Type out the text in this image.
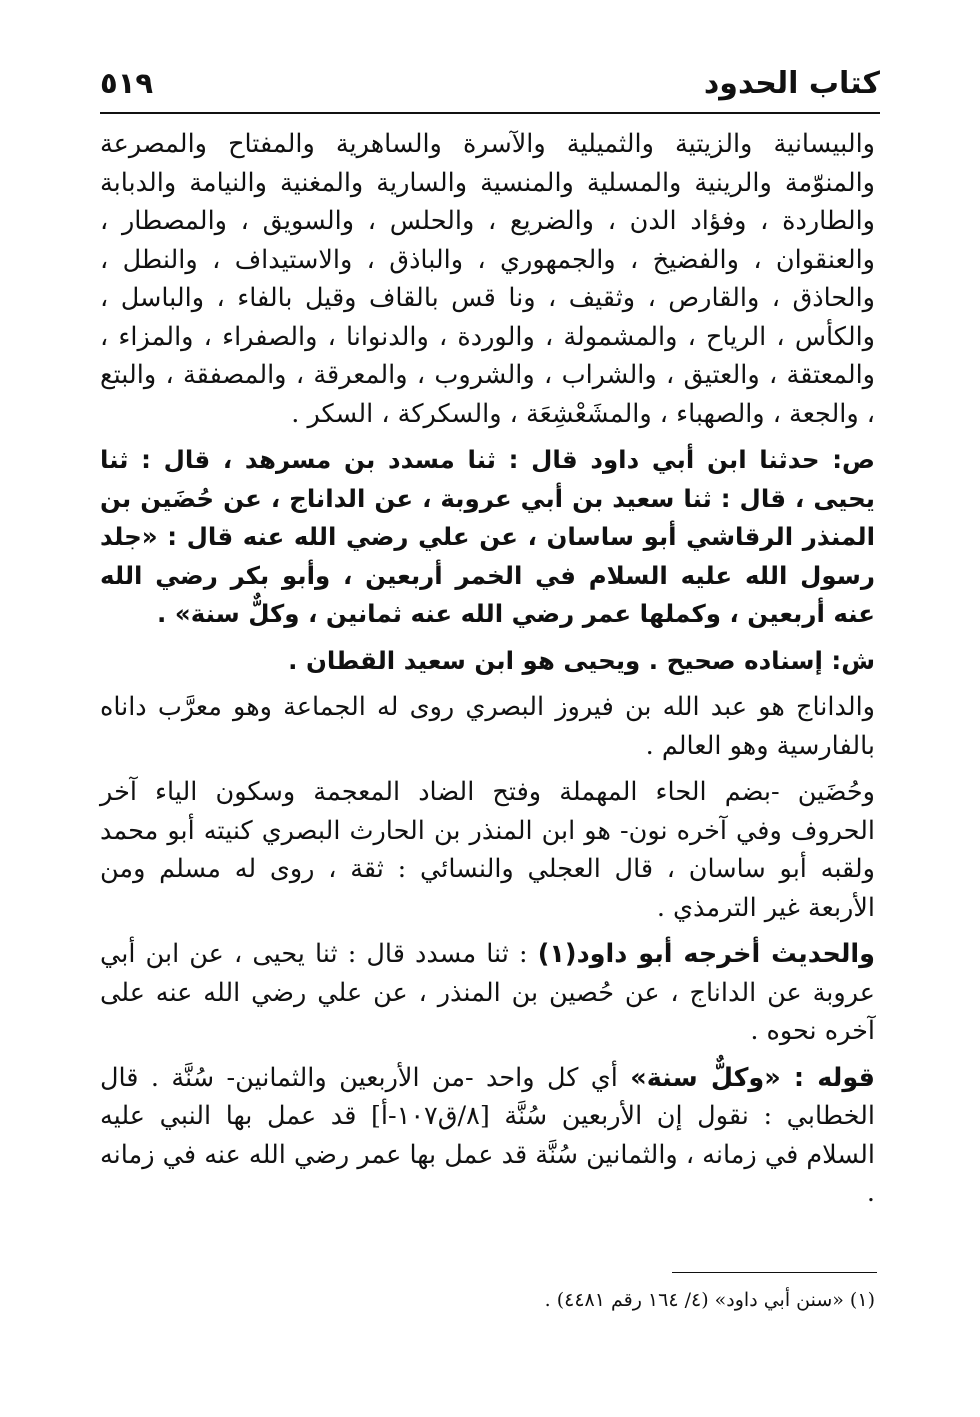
كتاب الحدود
٥١٩

والبيسانية والزيتية والثميلية والآسرة والساهرية والمفتاح والمصرعة والمنوّمة والرينية والمسلية والمنسية والسارية والمغنية والنيامة والدبابة والطاردة ، وفؤاد الدن ، والضريع ، والحلس ، والسويق ، والمصطار ، والعنقوان ، والفضيخ ، والجمهوري ، والباذق ، والاستيداف ، والنطل ، والحاذق ، والقارص ، وثقيف ، ونا قس بالقاف وقيل بالفاء ، والباسل ، والكأس ، الرياح ، والمشمولة ، والوردة ، والدنوانا ، والصفراء ، والمزاء ، والمعتقة ، والعتيق ، والشراب ، والشروب ، والمعرقة ، والمصفقة ، والبتع ، والجعة ، والصهباء ، والمشَعْشِعَة ، والسكركة ، السكر .

ص: حدثنا ابن أبي داود قال : ثنا مسدد بن مسرهد ، قال : ثنا يحيى ، قال : ثنا سعيد بن أبي عروبة ، عن الداناج ، عن حُضَين بن المنذر الرقاشي أبو ساسان ، عن علي رضي الله عنه قال : «جلد رسول الله عليه السلام في الخمر أربعين ، وأبو بكر رضي الله عنه أربعين ، وكملها عمر رضي الله عنه ثمانين ، وكلٌّ سنة» .

ش: إسناده صحيح . ويحيى هو ابن سعيد القطان .

والداناج هو عبد الله بن فيروز البصري روى له الجماعة وهو معرَّب داناه بالفارسية وهو العالم .

وحُضَين -بضم الحاء المهملة وفتح الضاد المعجمة وسكون الياء آخر الحروف وفي آخره نون- هو ابن المنذر بن الحارث البصري كنيته أبو محمد ولقبه أبو ساسان ، قال العجلي والنسائي : ثقة ، روى له مسلم ومن الأربعة غير الترمذي .

والحديث أخرجه أبو داود(١) : ثنا مسدد قال : ثنا يحيى ، عن ابن أبي عروبة عن الداناج ، عن حُصين بن المنذر ، عن علي رضي الله عنه على آخره نحوه .

قوله : «وكلٌّ سنة» أي كل واحد -من الأربعين والثمانين- سُنَّة . قال الخطابي : نقول إن الأربعين سُنَّة [٨/ق١٠٧-أ] قد عمل بها النبي عليه السلام في زمانه ، والثمانين سُنَّة قد عمل بها عمر رضي الله عنه في زمانه .

(١) «سنن أبي داود» (٤/ ١٦٤ رقم ٤٤٨١) .
